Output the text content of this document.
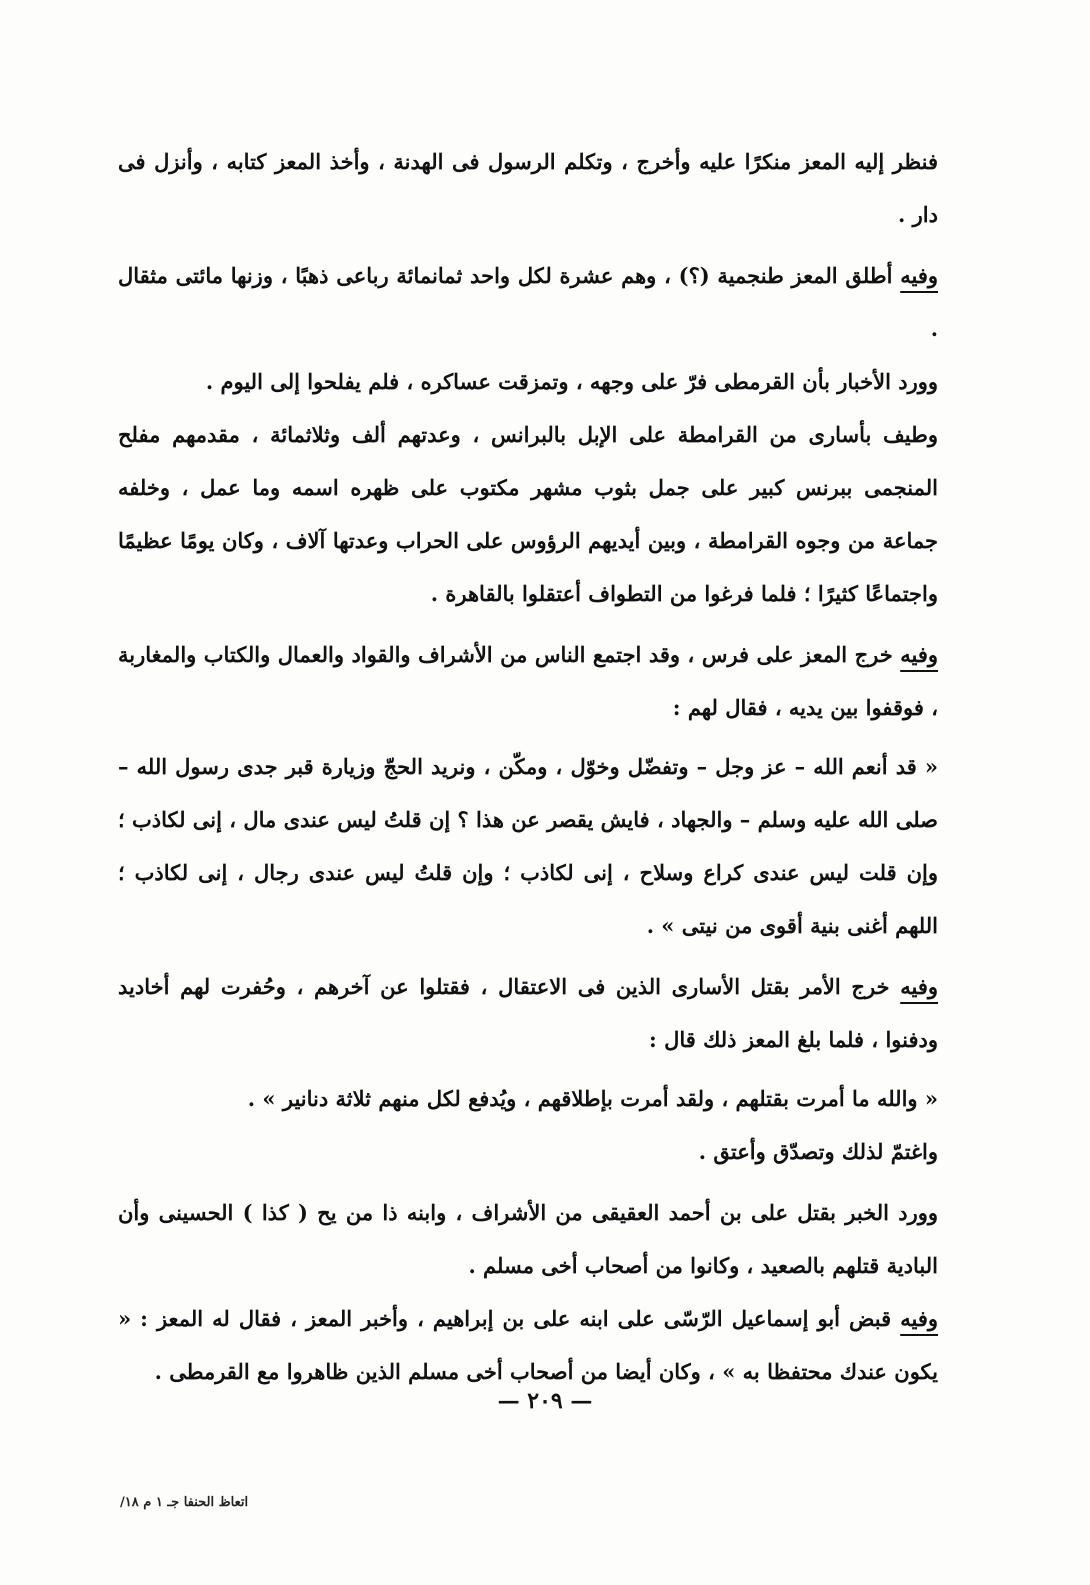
فنظر إليه المعز منكرًا عليه وأخرج ، وتكلم الرسول فى الهدنة ، وأخذ المعز كتابه ، وأنزل فى دار .

وفيه أطلق المعز طنجمية (؟) ، وهم عشرة لكل واحد ثمانمائة رباعى ذهبًا ، وزنها مائتى مثقال .

وورد الأخبار بأن القرمطى فرّ على وجهه ، وتمزقت عساكره ، فلم يفلحوا إلى اليوم .

وطيف بأسارى من القرامطة على الإبل بالبرانس ، وعدتهم ألف وثلاثمائة ، مقدمهم مفلح المنجمى ببرنس كبير على جمل بثوب مشهر مكتوب على ظهره اسمه وما عمل ، وخلفه جماعة من وجوه القرامطة ، وبين أيديهم الرؤوس على الحراب وعدتها آلاف ، وكان يومًا عظيمًا واجتماعًا كثيرًا ؛ فلما فرغوا من التطواف أعتقلوا بالقاهرة .

وفيه خرج المعز على فرس ، وقد اجتمع الناس من الأشراف والقواد والعمال والكتاب والمغاربة ، فوقفوا بين يديه ، فقال لهم :

« قد أنعم الله – عز وجل – وتفضّل وخوّل ، ومكّن ، ونريد الحجّ وزيارة قبر جدى رسول الله – صلى الله عليه وسلم – والجهاد ، فايش يقصر عن هذا ؟ إن قلتُ ليس عندى مال ، إنى لكاذب ؛ وإن قلت ليس عندى كراع وسلاح ، إنى لكاذب ؛ وإن قلتُ ليس عندى رجال ، إنى لكاذب ؛ اللهم أغنى بنية أقوى من نيتى » .

وفيه خرج الأمر بقتل الأسارى الذين فى الاعتقال ، فقتلوا عن آخرهم ، وحُفرت لهم أخاديد ودفنوا ، فلما بلغ المعز ذلك قال :

« والله ما أمرت بقتلهم ، ولقد أمرت بإطلاقهم ، ويُدفع لكل منهم ثلاثة دنانير » .

واغتمّ لذلك وتصدّق وأعتق .

وورد الخبر بقتل على بن أحمد العقيقى من الأشراف ، وابنه ذا من يح ( كذا ) الحسينى وأن البادية قتلهم بالصعيد ، وكانوا من أصحاب أخى مسلم .

وفيه قبض أبو إسماعيل الرّسّى على ابنه على بن إبراهيم ، وأخبر المعز ، فقال له المعز : « يكون عندك محتفظا به » ، وكان أيضا من أصحاب أخى مسلم الذين ظاهروا مع القرمطى .

— ٢٠٩ —
اتعاظ الحنفا جـ ١ م ١٨/
